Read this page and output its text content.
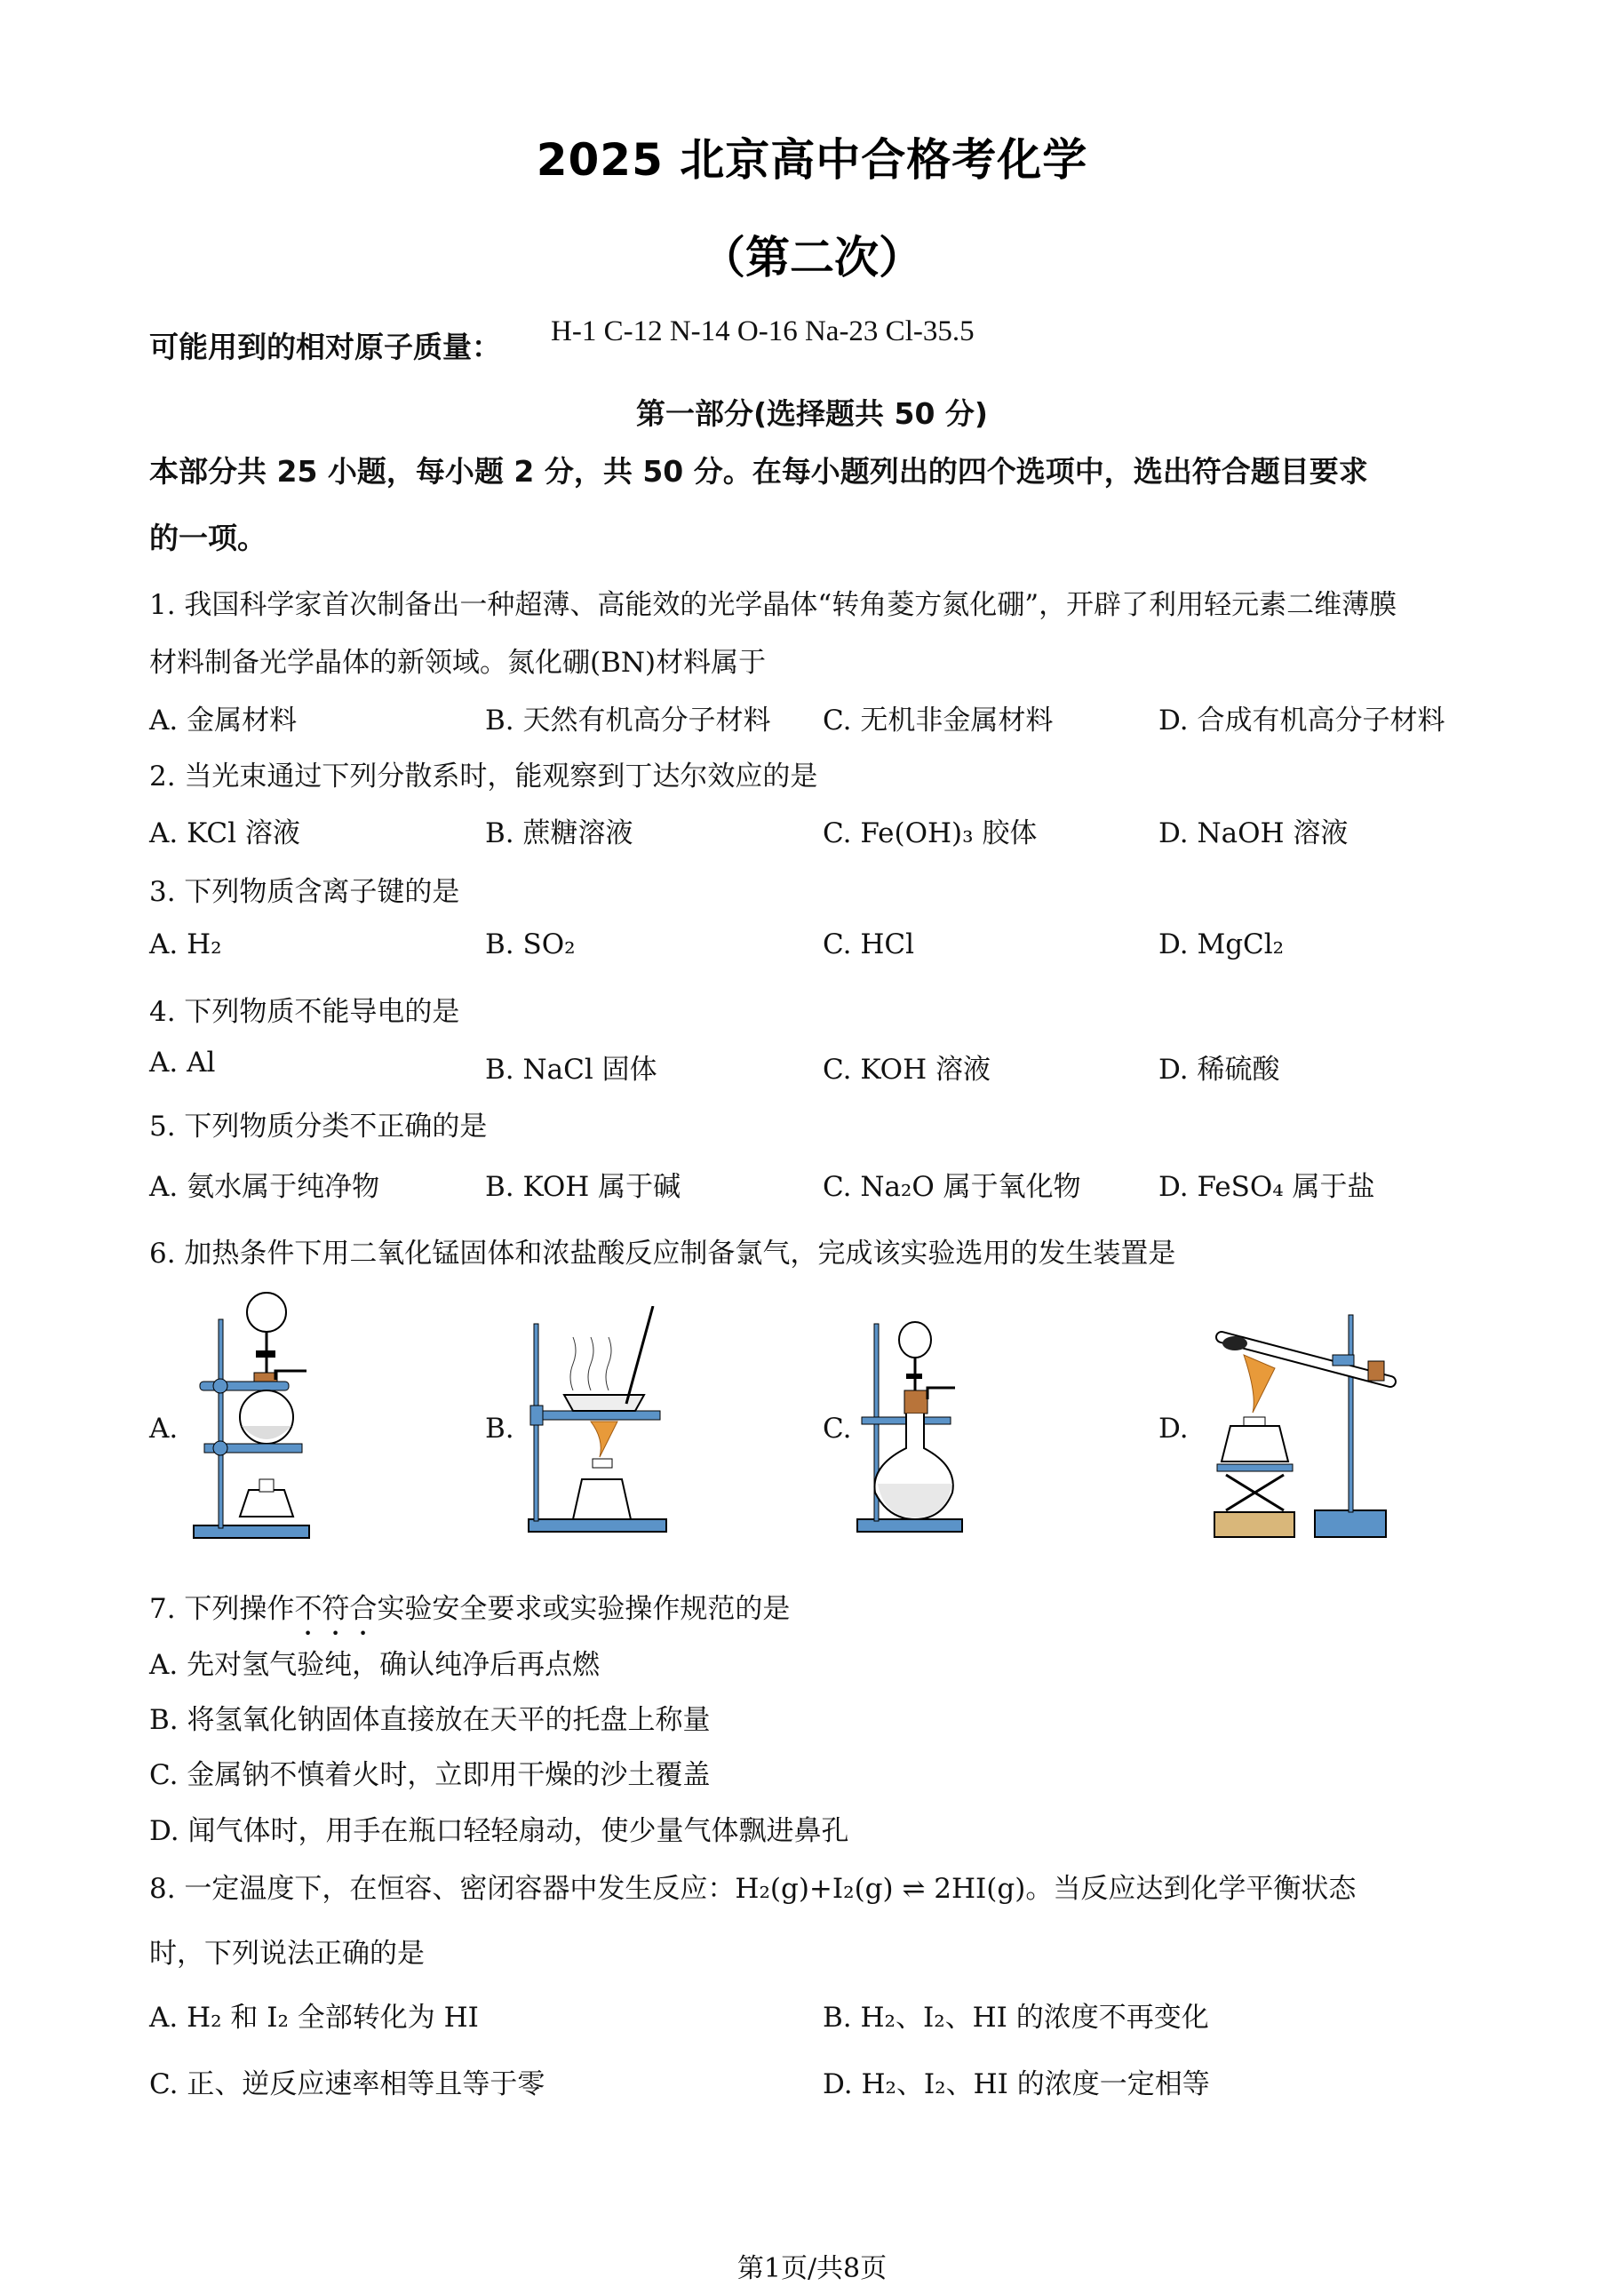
2025 北京高中合格考化学
（第二次）
可能用到的相对原子质量： H-1 C-12 N-14 O-16 Na-23 Cl-35.5
第一部分(选择题共 50 分)
本部分共 25 小题，每小题 2 分，共 50 分。在每小题列出的四个选项中，选出符合题目要求
的一项。
1. 我国科学家首次制备出一种超薄、高能效的光学晶体“转角菱方氮化硼”，开辟了利用轻元素二维薄膜
材料制备光学晶体的新领域。氮化硼(BN)材料属于
A. 金属材料	B. 天然有机高分子材料 C. 无机非金属材料	D. 合成有机高分子材料
2. 当光束通过下列分散系时，能观察到丁达尔效应的是
A. KCl 溶液	B. 蔗糖溶液	C. Fe(OH)₃ 胶体	D. NaOH 溶液
3. 下列物质含离子键的是
A. H₂	B. SO₂	C. HCl	D. MgCl₂
4. 下列物质不能导电的是
A. Al	B. NaCl 固体	C. KOH 溶液	D. 稀硫酸
5. 下列物质分类不正确的是
A. 氨水属于纯净物	B. KOH 属于碱	C. Na₂O 属于氧化物	D. FeSO₄ 属于盐
6. 加热条件下用二氧化锰固体和浓盐酸反应制备氯气，完成该实验选用的发生装置是
A.	B.	C.	D.
7. 下列操作不符合实验安全要求或实验操作规范的是
A. 先对氢气验纯，确认纯净后再点燃
B. 将氢氧化钠固体直接放在天平的托盘上称量
C. 金属钠不慎着火时，立即用干燥的沙土覆盖
D. 闻气体时，用手在瓶口轻轻扇动，使少量气体飘进鼻孔
8. 一定温度下，在恒容、密闭容器中发生反应：H₂(g)+I₂(g) ⇌ 2HI(g)。当反应达到化学平衡状态
时，下列说法正确的是
A. H₂ 和 I₂ 全部转化为 HI	B. H₂、I₂、HI 的浓度不再变化
C. 正、逆反应速率相等且等于零	D. H₂、I₂、HI 的浓度一定相等
第1页/共8页
